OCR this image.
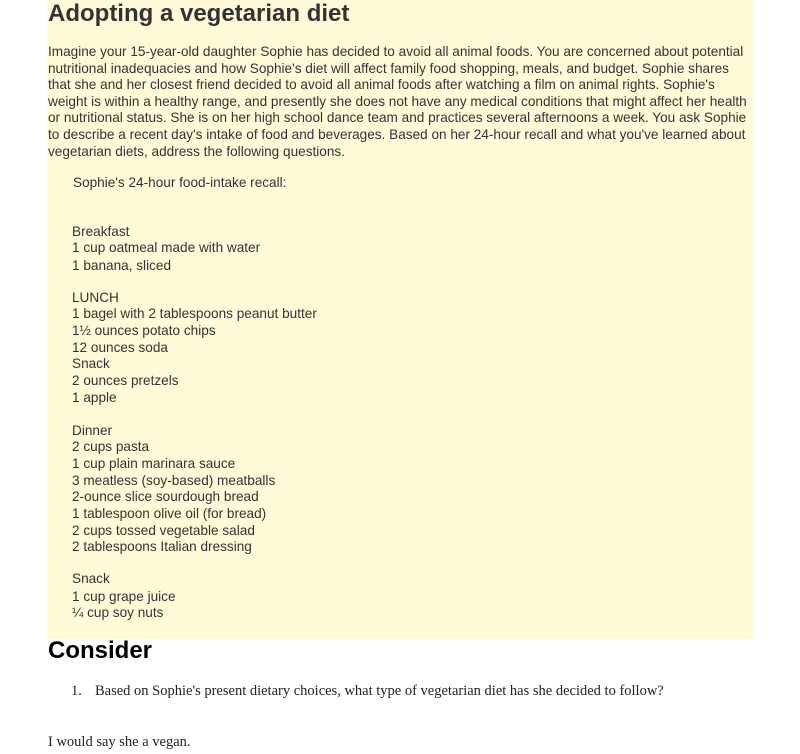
Adopting a vegetarian diet

Imagine your 15-year-old daughter Sophie has decided to avoid all animal foods. You are concerned about potential nutritional inadequacies and how Sophie's diet will affect family food shopping, meals, and budget. Sophie shares that she and her closest friend decided to avoid all animal foods after watching a film on animal rights. Sophie's weight is within a healthy range, and presently she does not have any medical conditions that might affect her health or nutritional status. She is on her high school dance team and practices several afternoons a week. You ask Sophie to describe a recent day's intake of food and beverages. Based on her 24-hour recall and what you've learned about vegetarian diets, address the following questions.

Sophie's 24-hour food-intake recall:

Breakfast

1 cup oatmeal made with water

1 banana, sliced

LUNCH

1 bagel with 2 tablespoons peanut butter

1½ ounces potato chips

12 ounces soda

Snack

2 ounces pretzels

1 apple

Dinner

2 cups pasta

1 cup plain marinara sauce

3 meatless (soy-based) meatballs

2-ounce slice sourdough bread

1 tablespoon olive oil (for bread)

2 cups tossed vegetable salad

2 tablespoons Italian dressing

Snack

1 cup grape juice

¼ cup soy nuts

Consider
1. Based on Sophie's present dietary choices, what type of vegetarian diet has she decided to follow?

I would say she a vegan.
